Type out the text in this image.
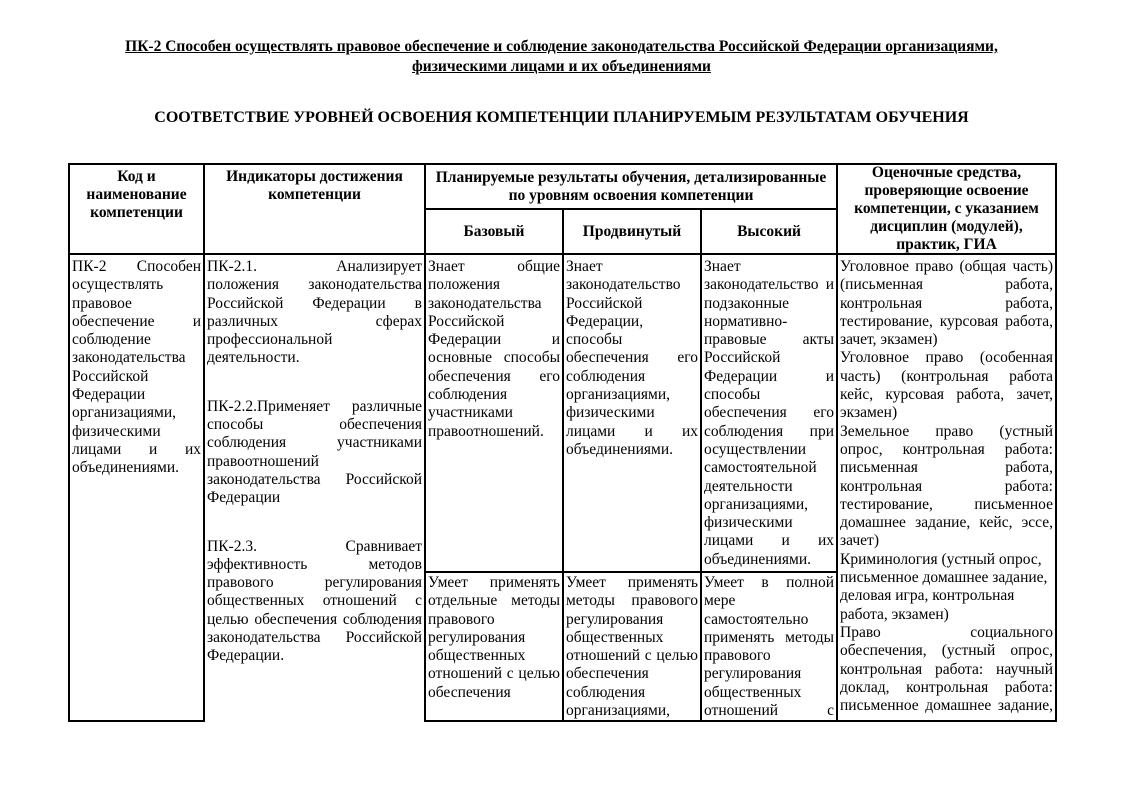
ПК-2 Способен осуществлять правовое обеспечение и соблюдение законодательства Российской Федерации организациями, физическими лицами и их объединениями
СООТВЕТСТВИЕ УРОВНЕЙ ОСВОЕНИЯ КОМПЕТЕНЦИИ ПЛАНИРУЕМЫМ РЕЗУЛЬТАТАМ ОБУЧЕНИЯ
Код и наименование компетенции
Индикаторы достижения компетенции
Планируемые результаты обучения, детализированные по уровням освоения компетенции
Оценочные средства, проверяющие освоение компетенции, с указанием дисциплин (модулей), практик, ГИА
Базовый	Продвинутый	Высокий
ПК-2 Способен осуществлять правовое обеспечение и соблюдение законодательства Российской Федерации организациями, физическими лицами и их объединениями.

ПК-2.1. Анализирует положения законодательства Российской Федерации в различных сферах профессиональной деятельности.

ПК-2.2.Применяет различные способы обеспечения соблюдения участниками правоотношений законодательства Российской Федерации

ПК-2.3. Сравнивает эффективность методов правового регулирования общественных отношений с целью обеспечения соблюдения законодательства Российской Федерации.

Знает общие положения законодательства Российской Федерации и основные способы обеспечения его соблюдения участниками правоотношений.
Знает законодательство Российской Федерации, способы обеспечения его соблюдения организациями, физическими лицами и их объединениями.
Знает законодательство и подзаконные нормативно-правовые акты Российской Федерации и способы обеспечения его соблюдения при осуществлении самостоятельной деятельности организациями, физическими лицами и их объединениями.

Уголовное право (общая часть) (письменная работа, контрольная работа, тестирование, курсовая работа, зачет, экзамен)

Уголовное право (особенная часть) (контрольная работа кейс, курсовая работа, зачет, экзамен)

Земельное право (устный опрос, контрольная работа: письменная работа, контрольная работа: тестирование, письменное домашнее задание, кейс, эссе, зачет)

Криминология (устный опрос, письменное домашнее задание, деловая игра, контрольная работа, экзамен)

Право социального обеспечения, (устный опрос, контрольная работа: научный доклад, контрольная работа: письменное домашнее задание,

Умеет применять отдельные методы правового регулирования общественных отношений с целью обеспечения
Умеет применять методы правового регулирования общественных отношений с целью обеспечения соблюдения организациями,
Умеет в полной мере самостоятельно применять методы правового регулирования общественных отношений с
